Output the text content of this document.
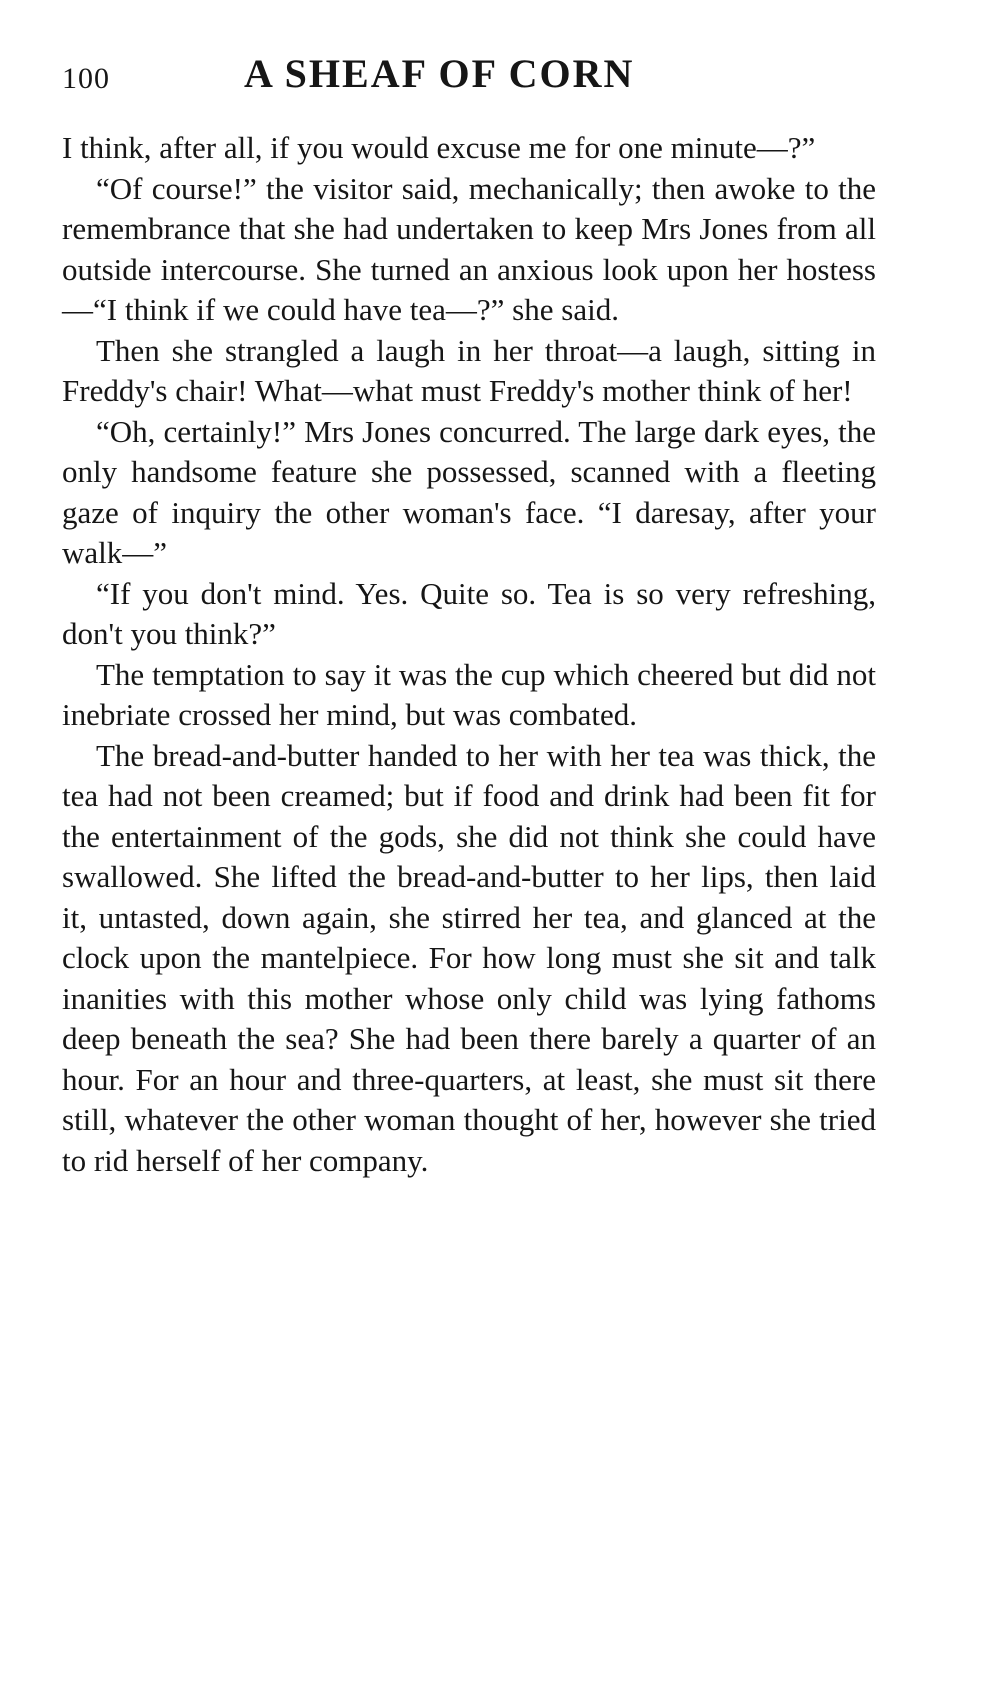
100	A SHEAF OF CORN

I think, after all, if you would excuse me for one minute—?”

“Of course!” the visitor said, mechanically; then awoke to the remembrance that she had undertaken to keep Mrs Jones from all outside intercourse. She turned an anxious look upon her hostess—“I think if we could have tea—?” she said.

Then she strangled a laugh in her throat—a laugh, sitting in Freddy's chair! What—what must Freddy's mother think of her!

“Oh, certainly!” Mrs Jones concurred. The large dark eyes, the only handsome feature she possessed, scanned with a fleeting gaze of inquiry the other woman's face. “I daresay, after your walk—”

“If you don't mind. Yes. Quite so. Tea is so very refreshing, don't you think?”

The temptation to say it was the cup which cheered but did not inebriate crossed her mind, but was combated.

The bread-and-butter handed to her with her tea was thick, the tea had not been creamed; but if food and drink had been fit for the entertainment of the gods, she did not think she could have swallowed. She lifted the bread-and-butter to her lips, then laid it, untasted, down again, she stirred her tea, and glanced at the clock upon the mantelpiece. For how long must she sit and talk inanities with this mother whose only child was lying fathoms deep beneath the sea? She had been there barely a quarter of an hour. For an hour and three-quarters, at least, she must sit there still, whatever the other woman thought of her, however she tried to rid herself of her company.
